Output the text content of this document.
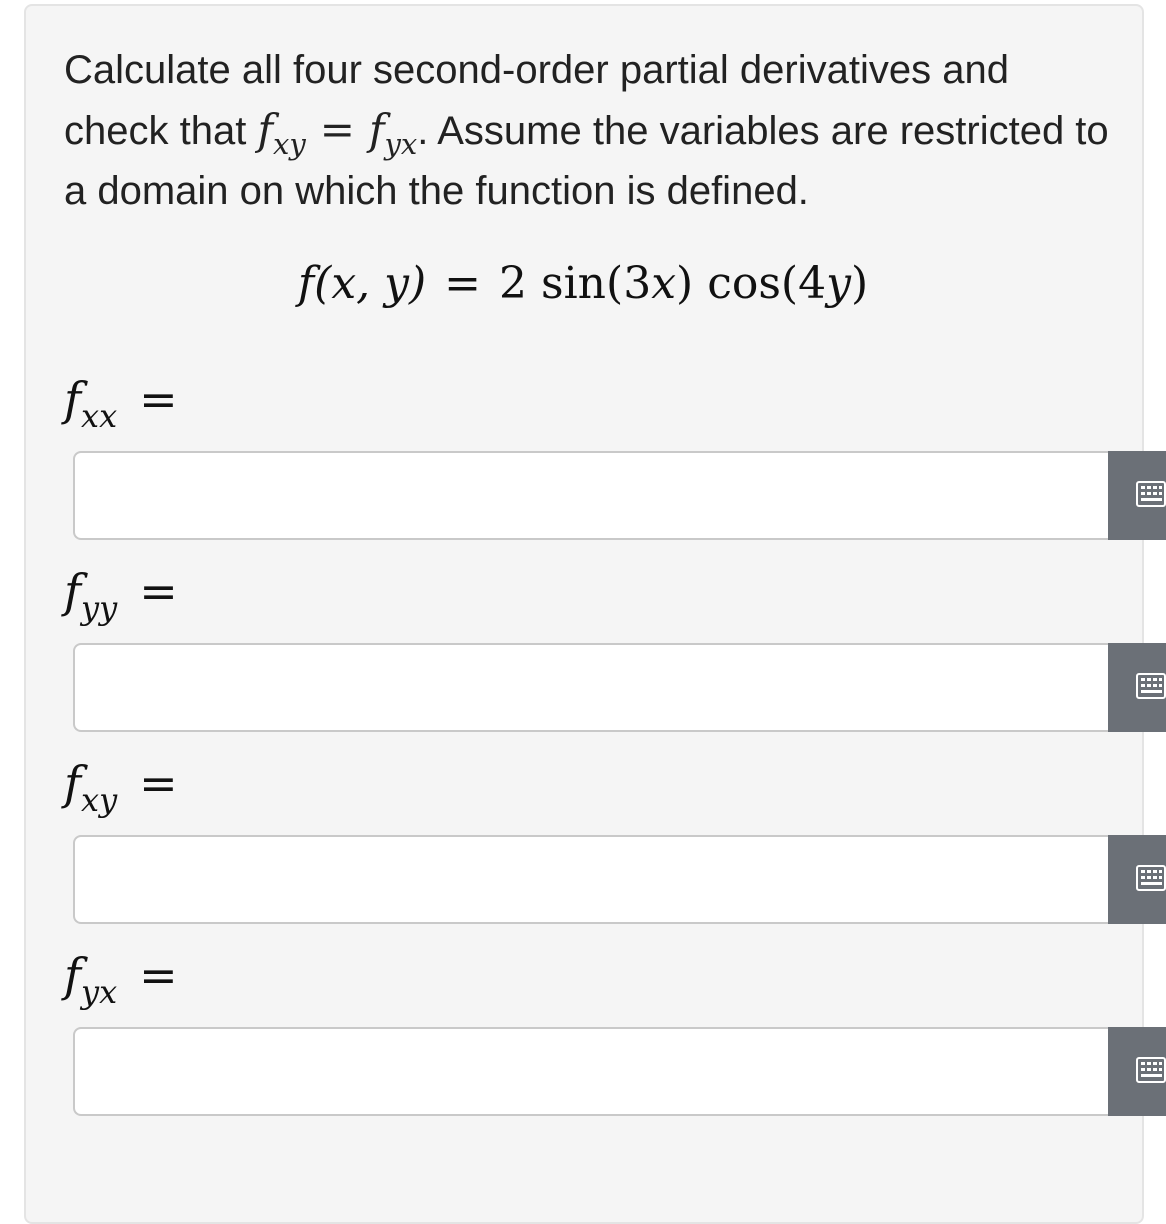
Calculate all four second-order partial derivatives and check that $f_{xy} = f_{yx}$. Assume the variables are restricted to a domain on which the function is defined.

f(x, y) = 2 sin(3x) cos(4y)
$f_{xx}$ =
$f_{yy}$ =
$f_{xy}$ =
$f_{yx}$ =
